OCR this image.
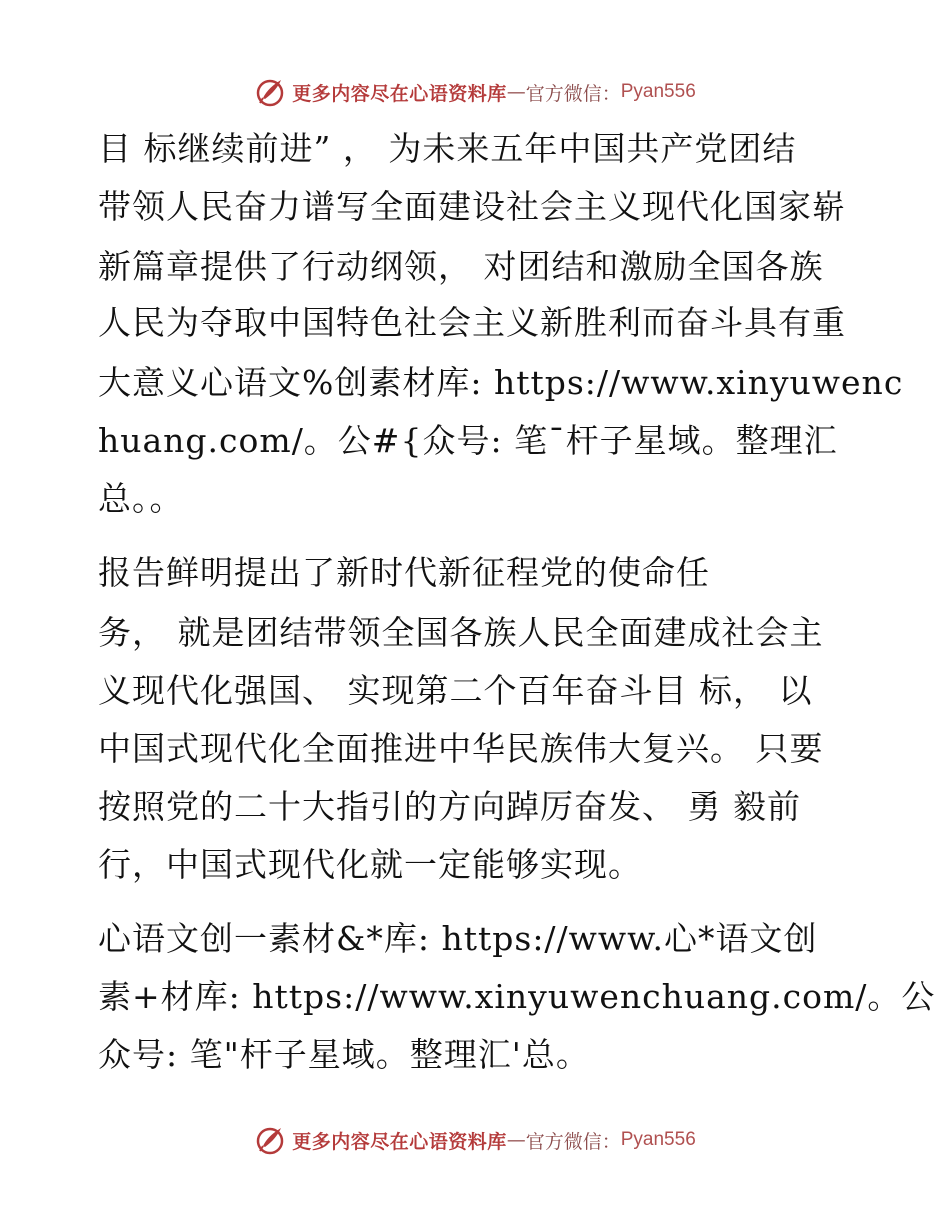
更多内容尽在心语资料库 — 官方微信： Pyan556
目 标继续前进” ， 为未来五年中国共产党团结
带领人民奋力谱写全面建设社会主义现代化国家崭
新篇章提供了行动纲领， 对团结和激励全国各族
人民为夺取中国特色社会主义新胜利而奋斗具有重
大意义心语文%创素材库: https://www.xinyuwenc
huang.com/。公#{众号: 笔¯杆子星域。整理汇
总。。
报告鲜明提出了新时代新征程党的使命任
务， 就是团结带领全国各族人民全面建成社会主
义现代化强国、 实现第二个百年奋斗目 标， 以
中国式现代化全面推进中华民族伟大复兴。 只要
按照党的二十大指引的方向踔厉奋发、 勇 毅前
行，中国式现代化就一定能够实现。
心语文创一素材&*库: https://www.心*语文创
素+材库: https://www.xinyuwenchuang.com/。公
众号: 笔"杆子星域。整理汇'总。
更多内容尽在心语资料库 — 官方微信： Pyan556
